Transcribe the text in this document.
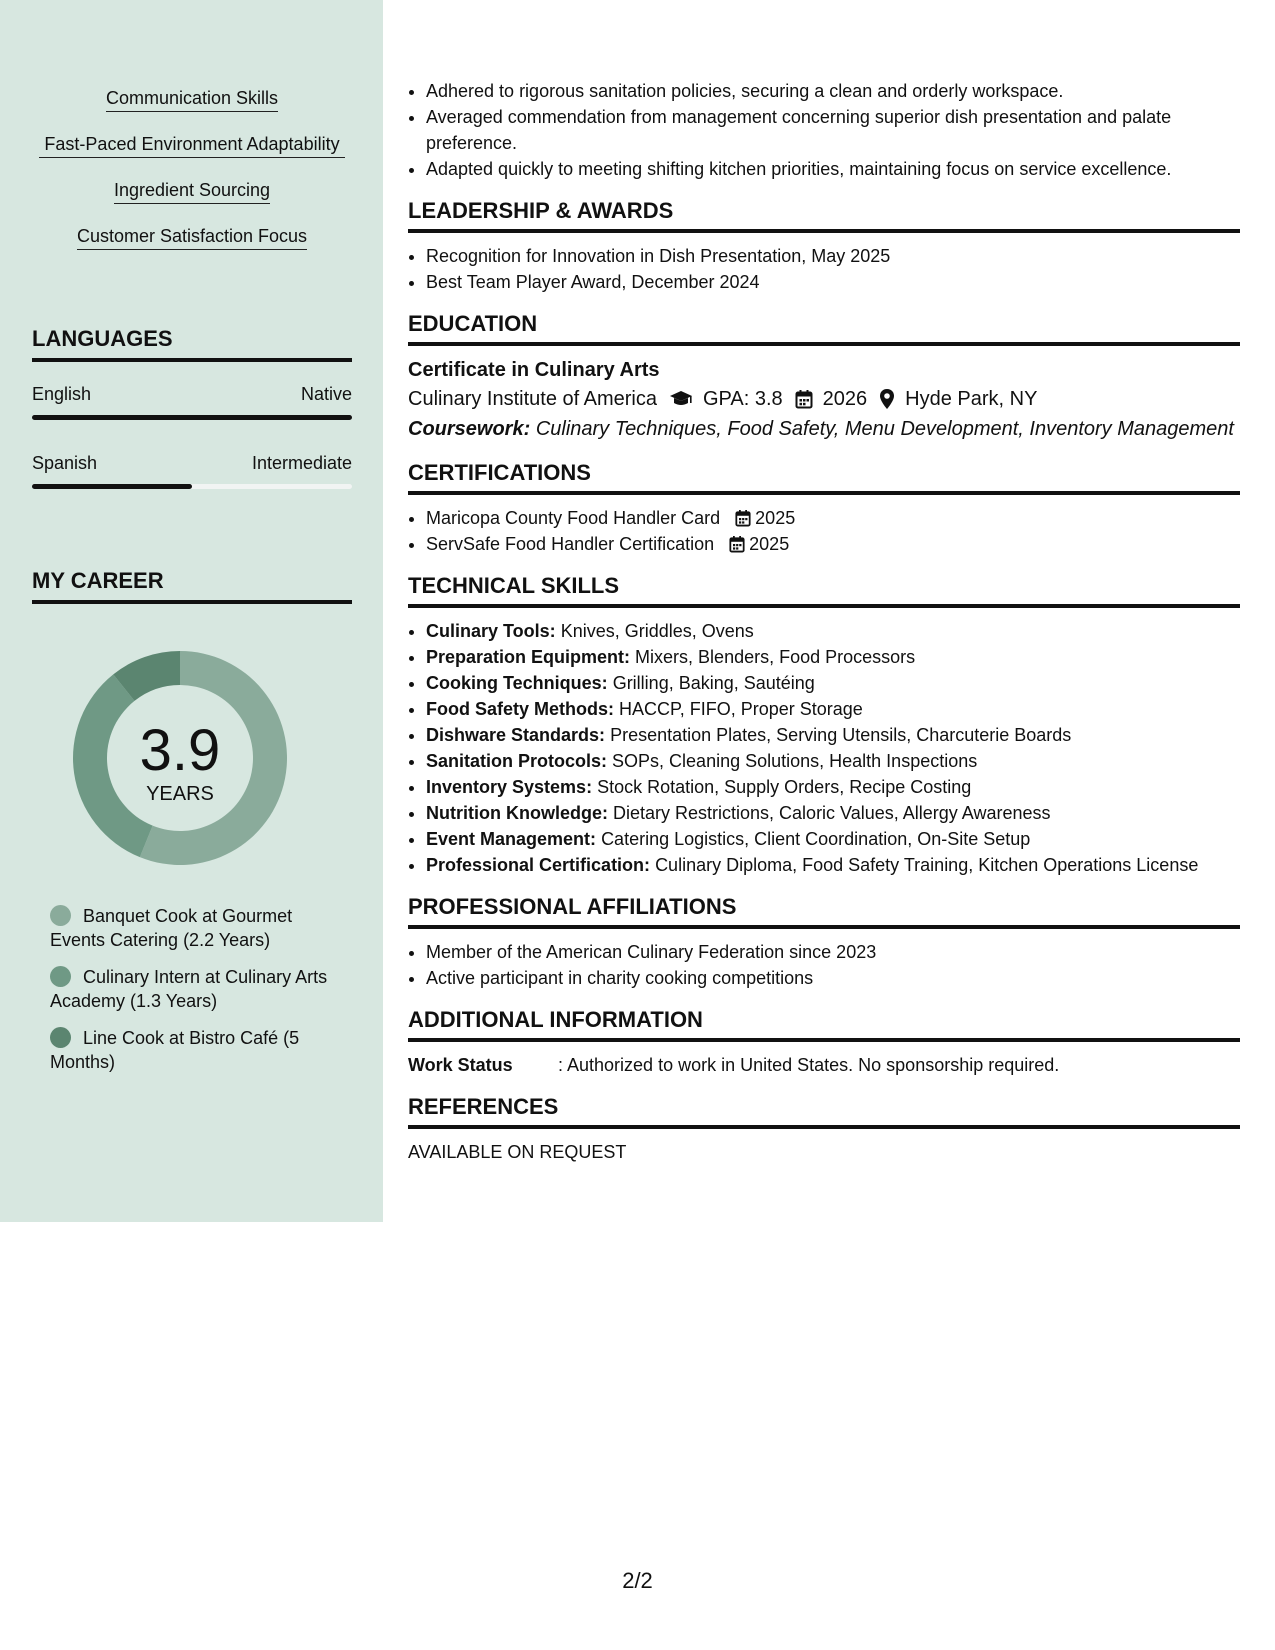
Communication Skills
Fast-Paced Environment Adaptability
Ingredient Sourcing
Customer Satisfaction Focus
LANGUAGES
English	Native
Spanish	Intermediate
MY CAREER
3.9
YEARS
Banquet Cook at Gourmet Events Catering (2.2 Years)
Culinary Intern at Culinary Arts Academy (1.3 Years)
Line Cook at Bistro Café (5 Months)
• Adhered to rigorous sanitation policies, securing a clean and orderly workspace.
• Averaged commendation from management concerning superior dish presentation and palate preference.
• Adapted quickly to meeting shifting kitchen priorities, maintaining focus on service excellence.
LEADERSHIP & AWARDS
• Recognition for Innovation in Dish Presentation, May 2025
• Best Team Player Award, December 2024
EDUCATION
Certificate in Culinary Arts
Culinary Institute of America GPA: 3.8 2026 Hyde Park, NY
Coursework: Culinary Techniques, Food Safety, Menu Development, Inventory Management
CERTIFICATIONS
• Maricopa County Food Handler Card 2025
• ServSafe Food Handler Certification 2025
TECHNICAL SKILLS
• Culinary Tools: Knives, Griddles, Ovens
• Preparation Equipment: Mixers, Blenders, Food Processors
• Cooking Techniques: Grilling, Baking, Sautéing
• Food Safety Methods: HACCP, FIFO, Proper Storage
• Dishware Standards: Presentation Plates, Serving Utensils, Charcuterie Boards
• Sanitation Protocols: SOPs, Cleaning Solutions, Health Inspections
• Inventory Systems: Stock Rotation, Supply Orders, Recipe Costing
• Nutrition Knowledge: Dietary Restrictions, Caloric Values, Allergy Awareness
• Event Management: Catering Logistics, Client Coordination, On-Site Setup
• Professional Certification: Culinary Diploma, Food Safety Training, Kitchen Operations License
PROFESSIONAL AFFILIATIONS
• Member of the American Culinary Federation since 2023
• Active participant in charity cooking competitions
ADDITIONAL INFORMATION
Work Status	: Authorized to work in United States. No sponsorship required.
REFERENCES
AVAILABLE ON REQUEST
2/2
